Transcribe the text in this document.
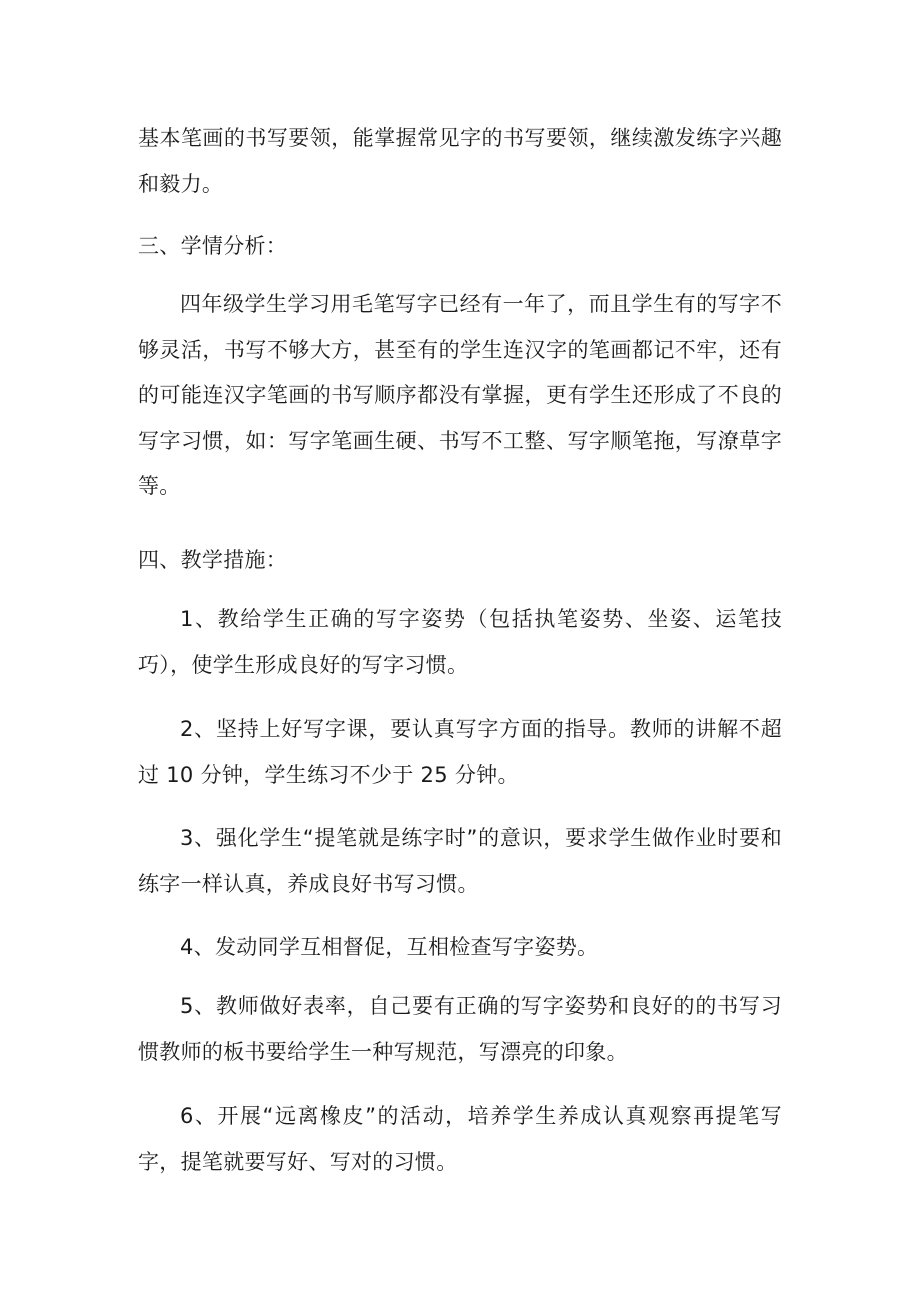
基本笔画的书写要领，能掌握常见字的书写要领，继续激发练字兴趣和毅力。

三、学情分析：

四年级学生学习用毛笔写字已经有一年了，而且学生有的写字不够灵活，书写不够大方，甚至有的学生连汉字的笔画都记不牢，还有的可能连汉字笔画的书写顺序都没有掌握，更有学生还形成了不良的写字习惯，如：写字笔画生硬、书写不工整、写字顺笔拖，写潦草字等。

四、教学措施：

1、教给学生正确的写字姿势（包括执笔姿势、坐姿、运笔技巧），使学生形成良好的写字习惯。

2、坚持上好写字课，要认真写字方面的指导。教师的讲解不超过 10 分钟，学生练习不少于 25 分钟。

3、强化学生“提笔就是练字时”的意识，要求学生做作业时要和练字一样认真，养成良好书写习惯。

4、发动同学互相督促，互相检查写字姿势。

5、教师做好表率，自己要有正确的写字姿势和良好的的书写习惯教师的板书要给学生一种写规范，写漂亮的印象。

6、开展“远离橡皮”的活动，培养学生养成认真观察再提笔写字，提笔就要写好、写对的习惯。
